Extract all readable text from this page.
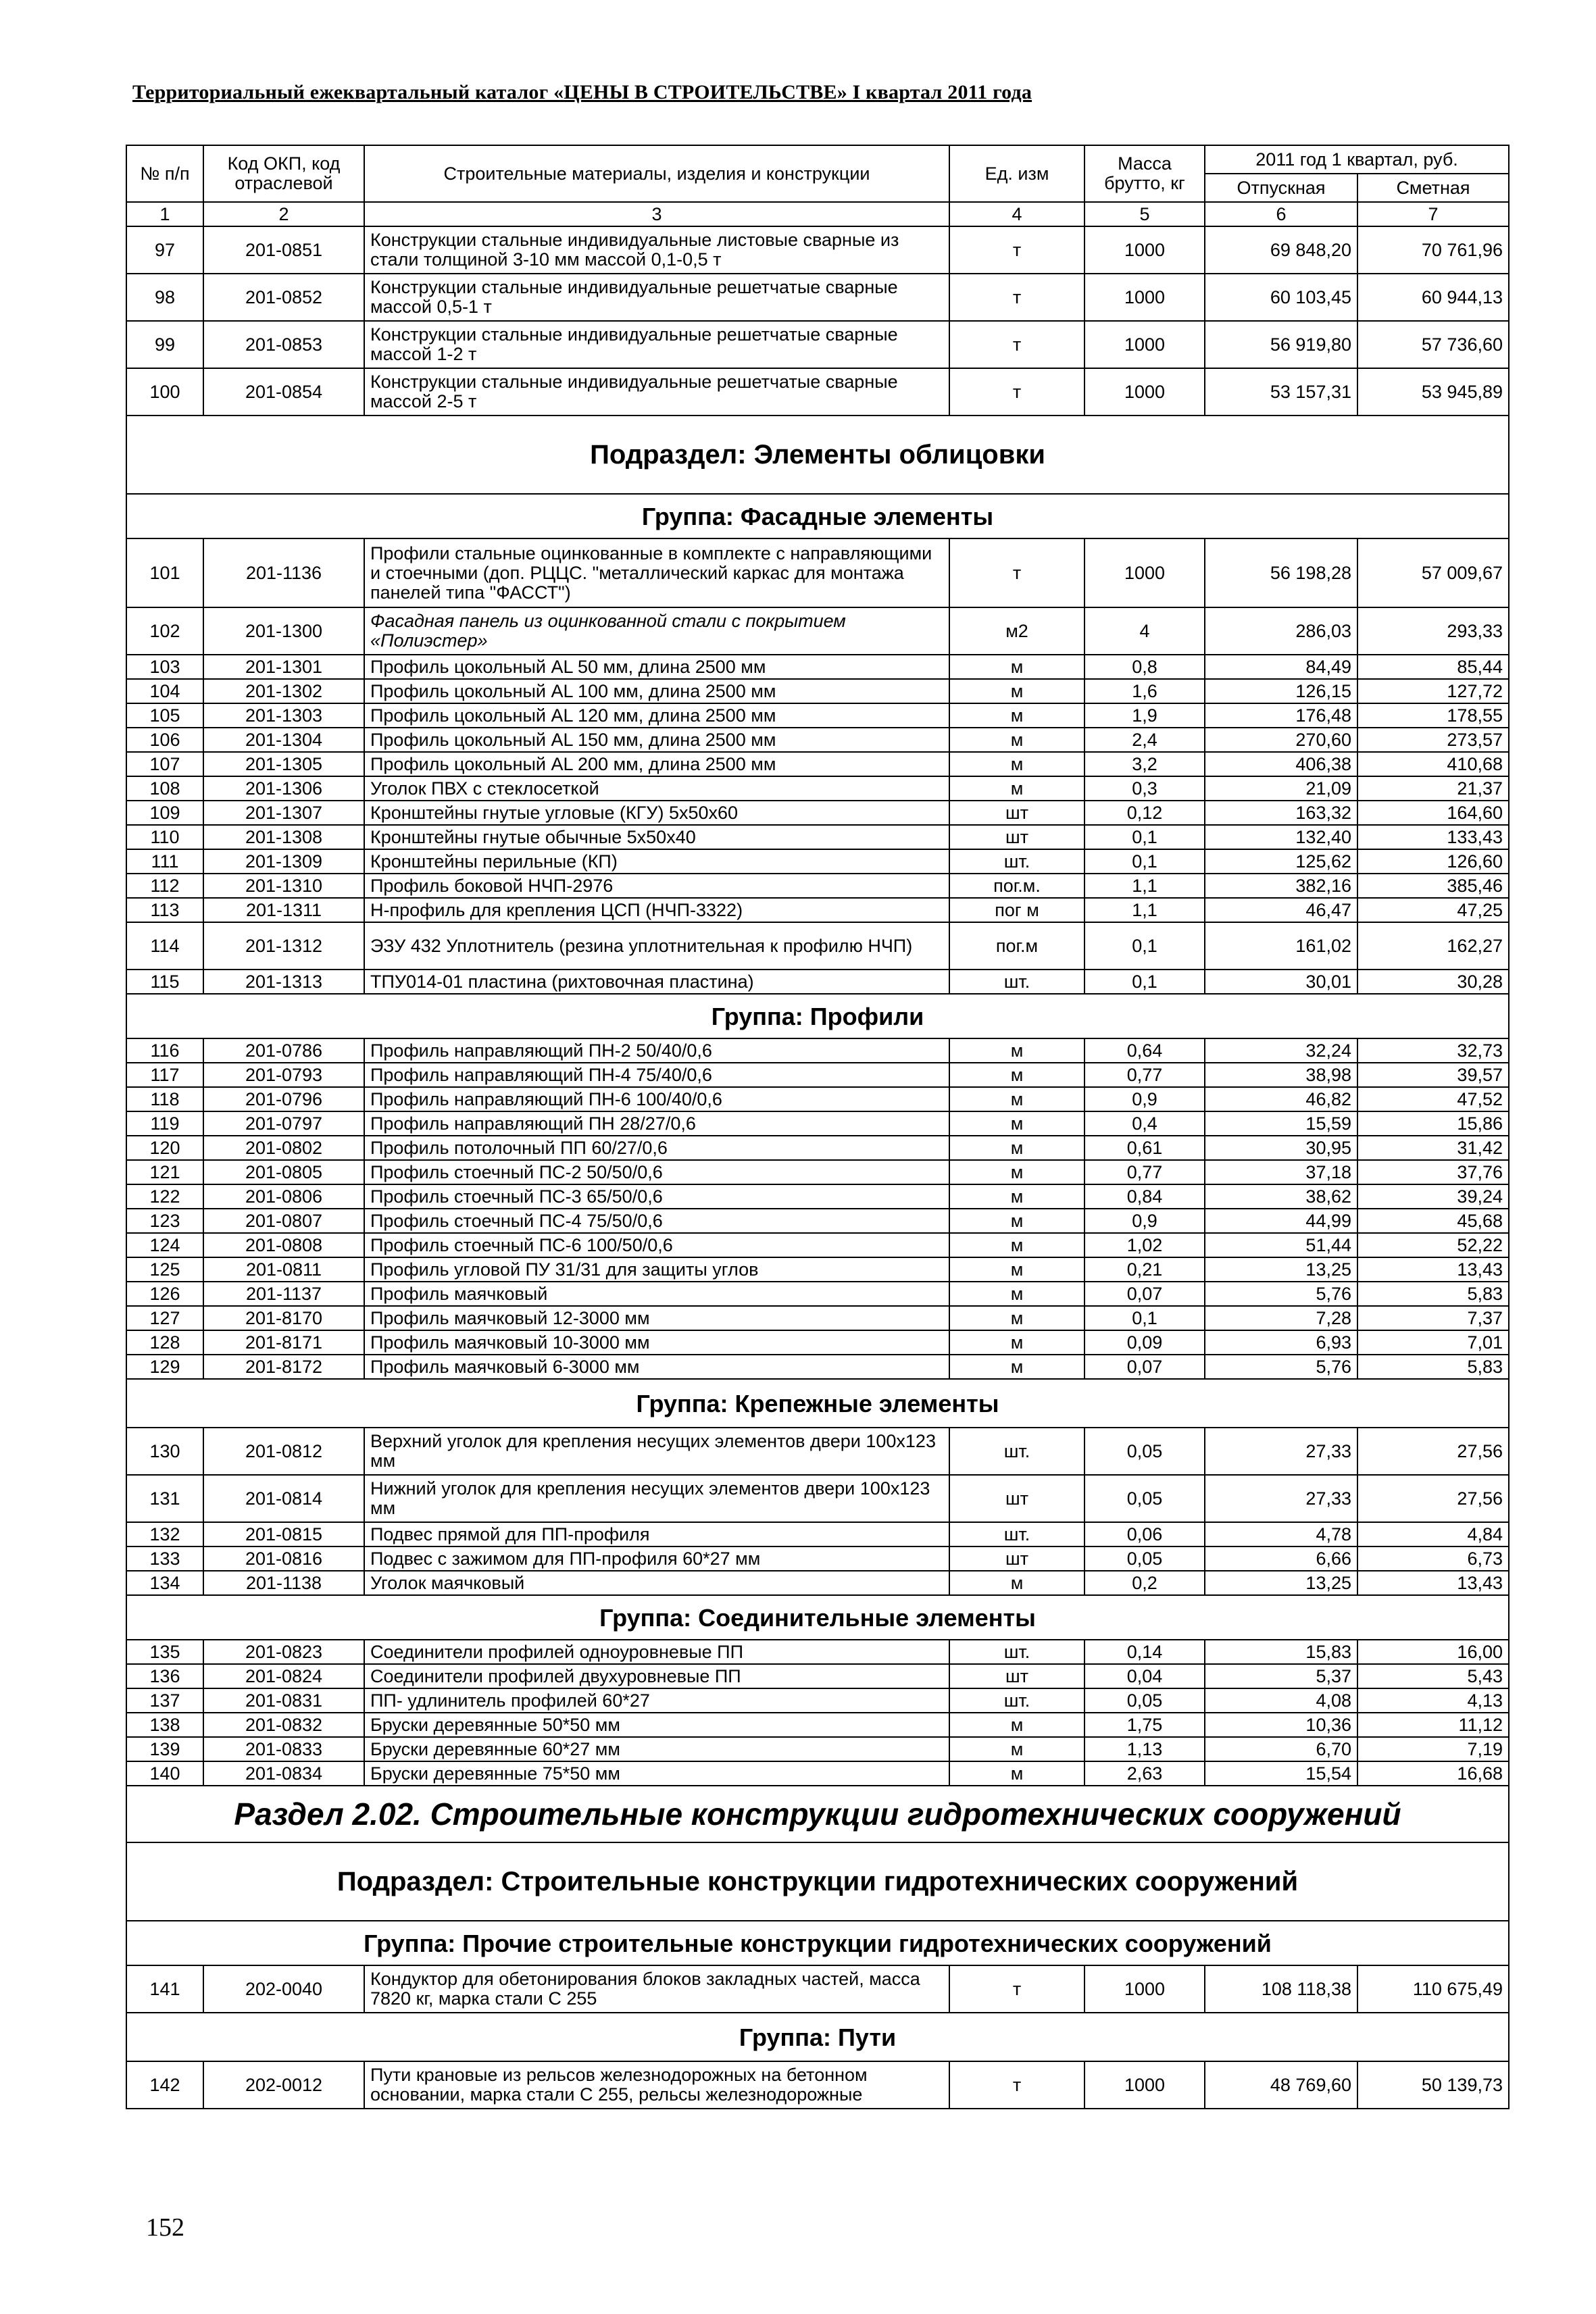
Территориальный ежеквартальный каталог «ЦЕНЫ В СТРОИТЕЛЬСТВЕ» I квартал 2011 года
№ п/п	Код ОКП, код отраслевой	Строительные материалы, изделия и конструкции	Ед. изм	Масса брутто, кг	2011 год 1 квартал, руб.	
					Отпускная	Сметная
1	2	3	4	5	6	7
97	201-0851	Конструкции стальные индивидуальные листовые сварные из стали толщиной 3-10 мм массой 0,1-0,5 т	т	1000	69 848,20	70 761,96
98	201-0852	Конструкции стальные индивидуальные решетчатые сварные массой 0,5-1 т	т	1000	60 103,45	60 944,13
99	201-0853	Конструкции стальные индивидуальные решетчатые сварные массой 1-2 т	т	1000	56 919,80	57 736,60
100	201-0854	Конструкции стальные индивидуальные решетчатые сварные массой 2-5 т	т	1000	53 157,31	53 945,89
Подраздел: Элементы облицовки						
Группа: Фасадные элементы						
101	201-1136	Профили стальные оцинкованные в комплекте с направляющими и стоечными (доп. РЦЦС. "металлический каркас для монтажа панелей типа "ФАССТ")	т	1000	56 198,28	57 009,67
102	201-1300	Фасадная панель из оцинкованной стали с покрытием «Полиэстер»	м2	4	286,03	293,33
103	201-1301	Профиль цокольный AL 50 мм, длина 2500 мм	м	0,8	84,49	85,44
104	201-1302	Профиль цокольный AL 100 мм, длина 2500 мм	м	1,6	126,15	127,72
105	201-1303	Профиль цокольный AL 120 мм, длина 2500 мм	м	1,9	176,48	178,55
106	201-1304	Профиль цокольный AL 150 мм, длина 2500 мм	м	2,4	270,60	273,57
107	201-1305	Профиль цокольный AL 200 мм, длина 2500 мм	м	3,2	406,38	410,68
108	201-1306	Уголок ПВХ с стеклосеткой	м	0,3	21,09	21,37
109	201-1307	Кронштейны гнутые угловые (КГУ) 5х50х60	шт	0,12	163,32	164,60
110	201-1308	Кронштейны гнутые обычные 5х50х40	шт	0,1	132,40	133,43
111	201-1309	Кронштейны перильные (КП)	шт.	0,1	125,62	126,60
112	201-1310	Профиль боковой НЧП-2976	пог.м.	1,1	382,16	385,46
113	201-1311	Н-профиль для крепления ЦСП (НЧП-3322)	пог м	1,1	46,47	47,25
114	201-1312	ЭЗУ 432 Уплотнитель (резина уплотнительная к профилю НЧП)	пог.м	0,1	161,02	162,27
115	201-1313	ТПУ014-01 пластина (рихтовочная пластина)	шт.	0,1	30,01	30,28
Группа: Профили						
116	201-0786	Профиль направляющий ПН-2 50/40/0,6	м	0,64	32,24	32,73
117	201-0793	Профиль направляющий ПН-4 75/40/0,6	м	0,77	38,98	39,57
118	201-0796	Профиль направляющий ПН-6 100/40/0,6	м	0,9	46,82	47,52
119	201-0797	Профиль направляющий ПН 28/27/0,6	м	0,4	15,59	15,86
120	201-0802	Профиль потолочный ПП 60/27/0,6	м	0,61	30,95	31,42
121	201-0805	Профиль стоечный ПС-2 50/50/0,6	м	0,77	37,18	37,76
122	201-0806	Профиль стоечный ПС-3 65/50/0,6	м	0,84	38,62	39,24
123	201-0807	Профиль стоечный ПС-4 75/50/0,6	м	0,9	44,99	45,68
124	201-0808	Профиль стоечный ПС-6 100/50/0,6	м	1,02	51,44	52,22
125	201-0811	Профиль угловой ПУ 31/31 для защиты углов	м	0,21	13,25	13,43
126	201-1137	Профиль маячковый	м	0,07	5,76	5,83
127	201-8170	Профиль маячковый 12-3000 мм	м	0,1	7,28	7,37
128	201-8171	Профиль маячковый 10-3000 мм	м	0,09	6,93	7,01
129	201-8172	Профиль маячковый 6-3000 мм	м	0,07	5,76	5,83
Группа: Крепежные элементы						
130	201-0812	Верхний уголок для крепления несущих элементов двери 100х123 мм	шт.	0,05	27,33	27,56
131	201-0814	Нижний уголок для крепления несущих элементов двери 100х123 мм	шт	0,05	27,33	27,56
132	201-0815	Подвес прямой для ПП-профиля	шт.	0,06	4,78	4,84
133	201-0816	Подвес с зажимом для ПП-профиля 60*27 мм	шт	0,05	6,66	6,73
134	201-1138	Уголок маячковый	м	0,2	13,25	13,43
Группа: Соединительные элементы						
135	201-0823	Соединители профилей одноуровневые ПП	шт.	0,14	15,83	16,00
136	201-0824	Соединители профилей двухуровневые ПП	шт	0,04	5,37	5,43
137	201-0831	ПП- удлинитель профилей 60*27	шт.	0,05	4,08	4,13
138	201-0832	Бруски деревянные 50*50 мм	м	1,75	10,36	11,12
139	201-0833	Бруски деревянные 60*27 мм	м	1,13	6,70	7,19
140	201-0834	Бруски деревянные 75*50 мм	м	2,63	15,54	16,68
Раздел 2.02. Строительные конструкции гидротехнических сооружений						
Подраздел: Строительные конструкции гидротехнических сооружений						
Группа: Прочие строительные конструкции гидротехнических сооружений						
141	202-0040	Кондуктор для обетонирования блоков закладных частей, масса 7820 кг, марка стали С 255	т	1000	108 118,38	110 675,49
Группа: Пути						
142	202-0012	Пути крановые из рельсов железнодорожных на бетонном основании, марка стали С 255, рельсы железнодорожные	т	1000	48 769,60	50 139,73
152
